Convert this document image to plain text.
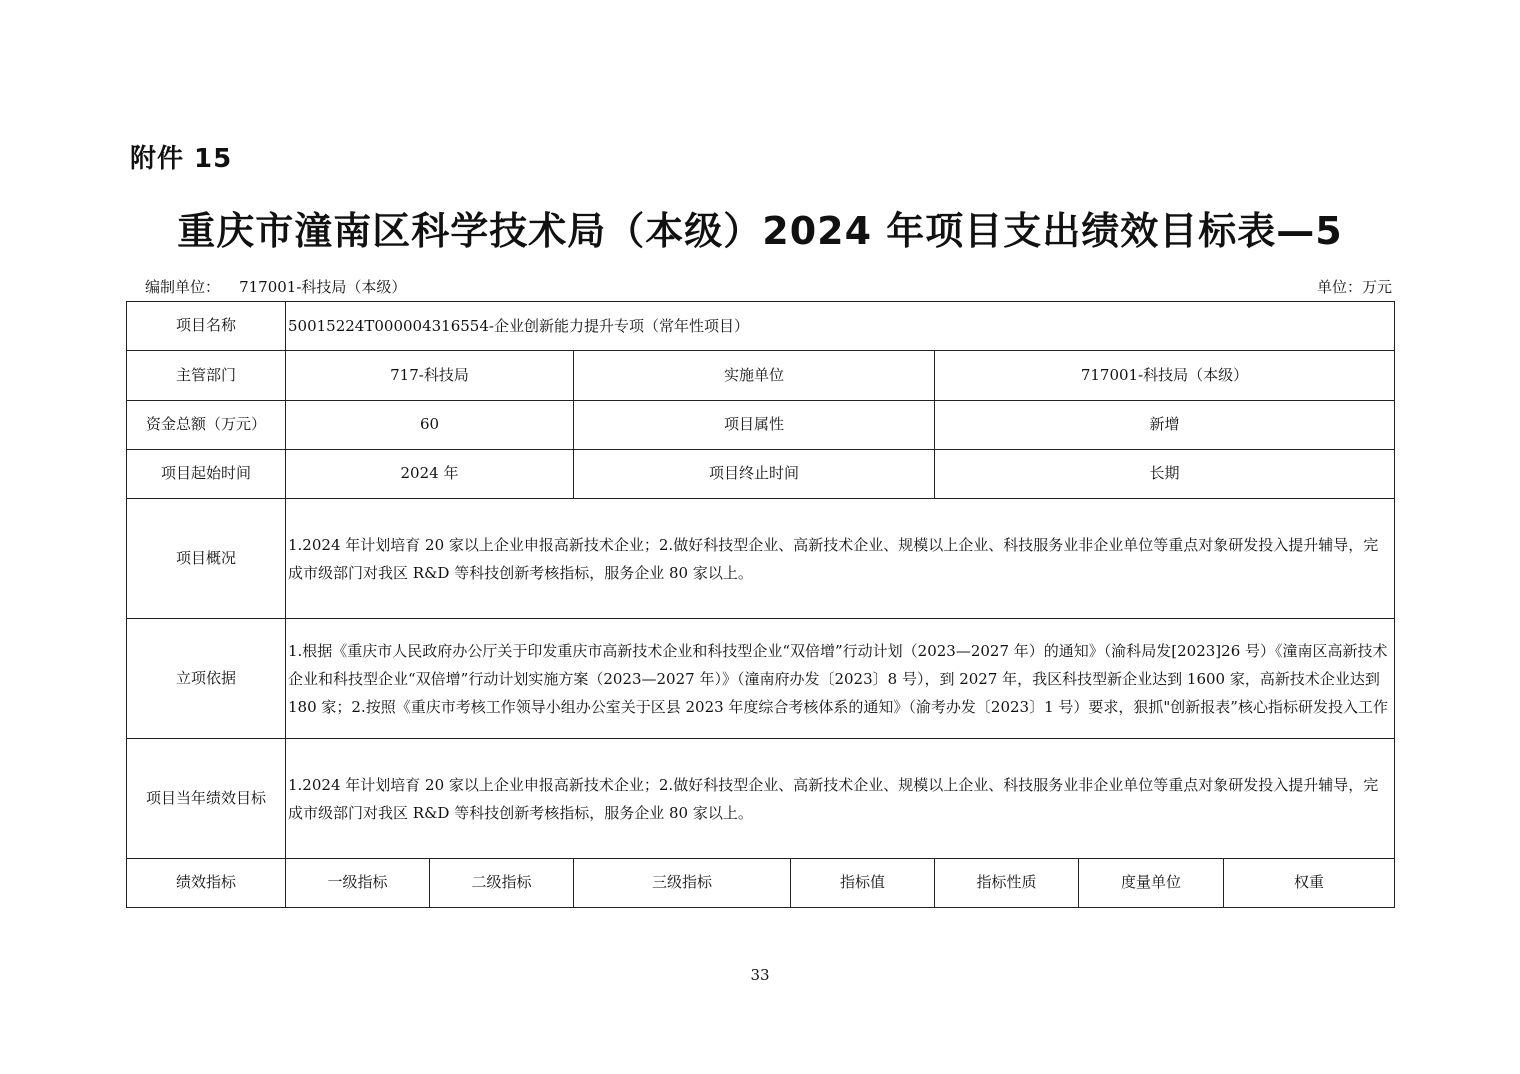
附件 15
重庆市潼南区科学技术局（本级）2024 年项目支出绩效目标表—5
编制单位： 717001-科技局（本级）	单位：万元
项目名称	50015224T000004316554-企业创新能力提升专项（常年性项目）						
主管部门	717-科技局		实施单位		717001-科技局（本级）		
资金总额（万元）	60		项目属性		新增		
项目起始时间	2024 年		项目终止时间		长期		
项目概况	1.2024 年计划培育 20 家以上企业申报高新技术企业；2.做好科技型企业、高新技术企业、规模以上企业、科技服务业非企业单位等重点对象研发投入提升辅导，完成市级部门对我区 R&D 等科技创新考核指标，服务企业 80 家以上。						
立项依据	1.根据《重庆市人民政府办公厅关于印发重庆市高新技术企业和科技型企业“双倍增”行动计划（2023—2027 年）的通知》（渝科局发[2023]26 号）《潼南区高新技术企业和科技型企业“双倍增”行动计划实施方案（2023—2027 年）》（潼南府办发〔2023〕8 号），到 2027 年，我区科技型新企业达到 1600 家，高新技术企业达到 180 家；2.按照《重庆市考核工作领导小组办公室关于区县 2023 年度综合考核体系的通知》（渝考办发〔2023〕1 号）要求，狠抓"创新报表”核心指标研发投入工作						
项目当年绩效目标	1.2024 年计划培育 20 家以上企业申报高新技术企业；2.做好科技型企业、高新技术企业、规模以上企业、科技服务业非企业单位等重点对象研发投入提升辅导，完成市级部门对我区 R&D 等科技创新考核指标，服务企业 80 家以上。						
绩效指标	一级指标	二级指标	三级指标	指标值	指标性质	度量单位	权重
33
